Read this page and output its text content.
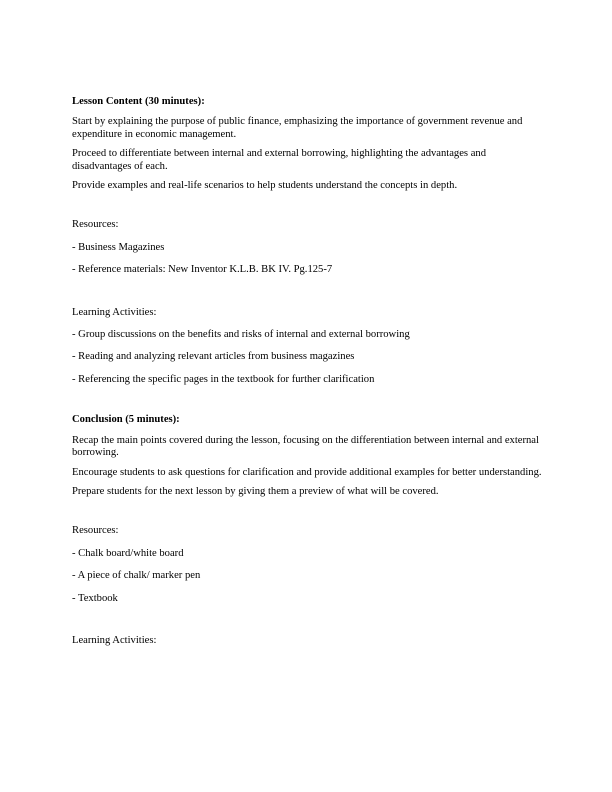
Lesson Content (30 minutes):
Start by explaining the purpose of public finance, emphasizing the importance of government revenue and expenditure in economic management.
Proceed to differentiate between internal and external borrowing, highlighting the advantages and disadvantages of each.
Provide examples and real-life scenarios to help students understand the concepts in depth.
Resources:
- Business Magazines
- Reference materials: New Inventor K.L.B. BK IV. Pg.125-7
Learning Activities:
- Group discussions on the benefits and risks of internal and external borrowing
- Reading and analyzing relevant articles from business magazines
- Referencing the specific pages in the textbook for further clarification
Conclusion (5 minutes):
Recap the main points covered during the lesson, focusing on the differentiation between internal and external borrowing.
Encourage students to ask questions for clarification and provide additional examples for better understanding.
Prepare students for the next lesson by giving them a preview of what will be covered.
Resources:
- Chalk board/white board
- A piece of chalk/ marker pen
- Textbook
Learning Activities:
